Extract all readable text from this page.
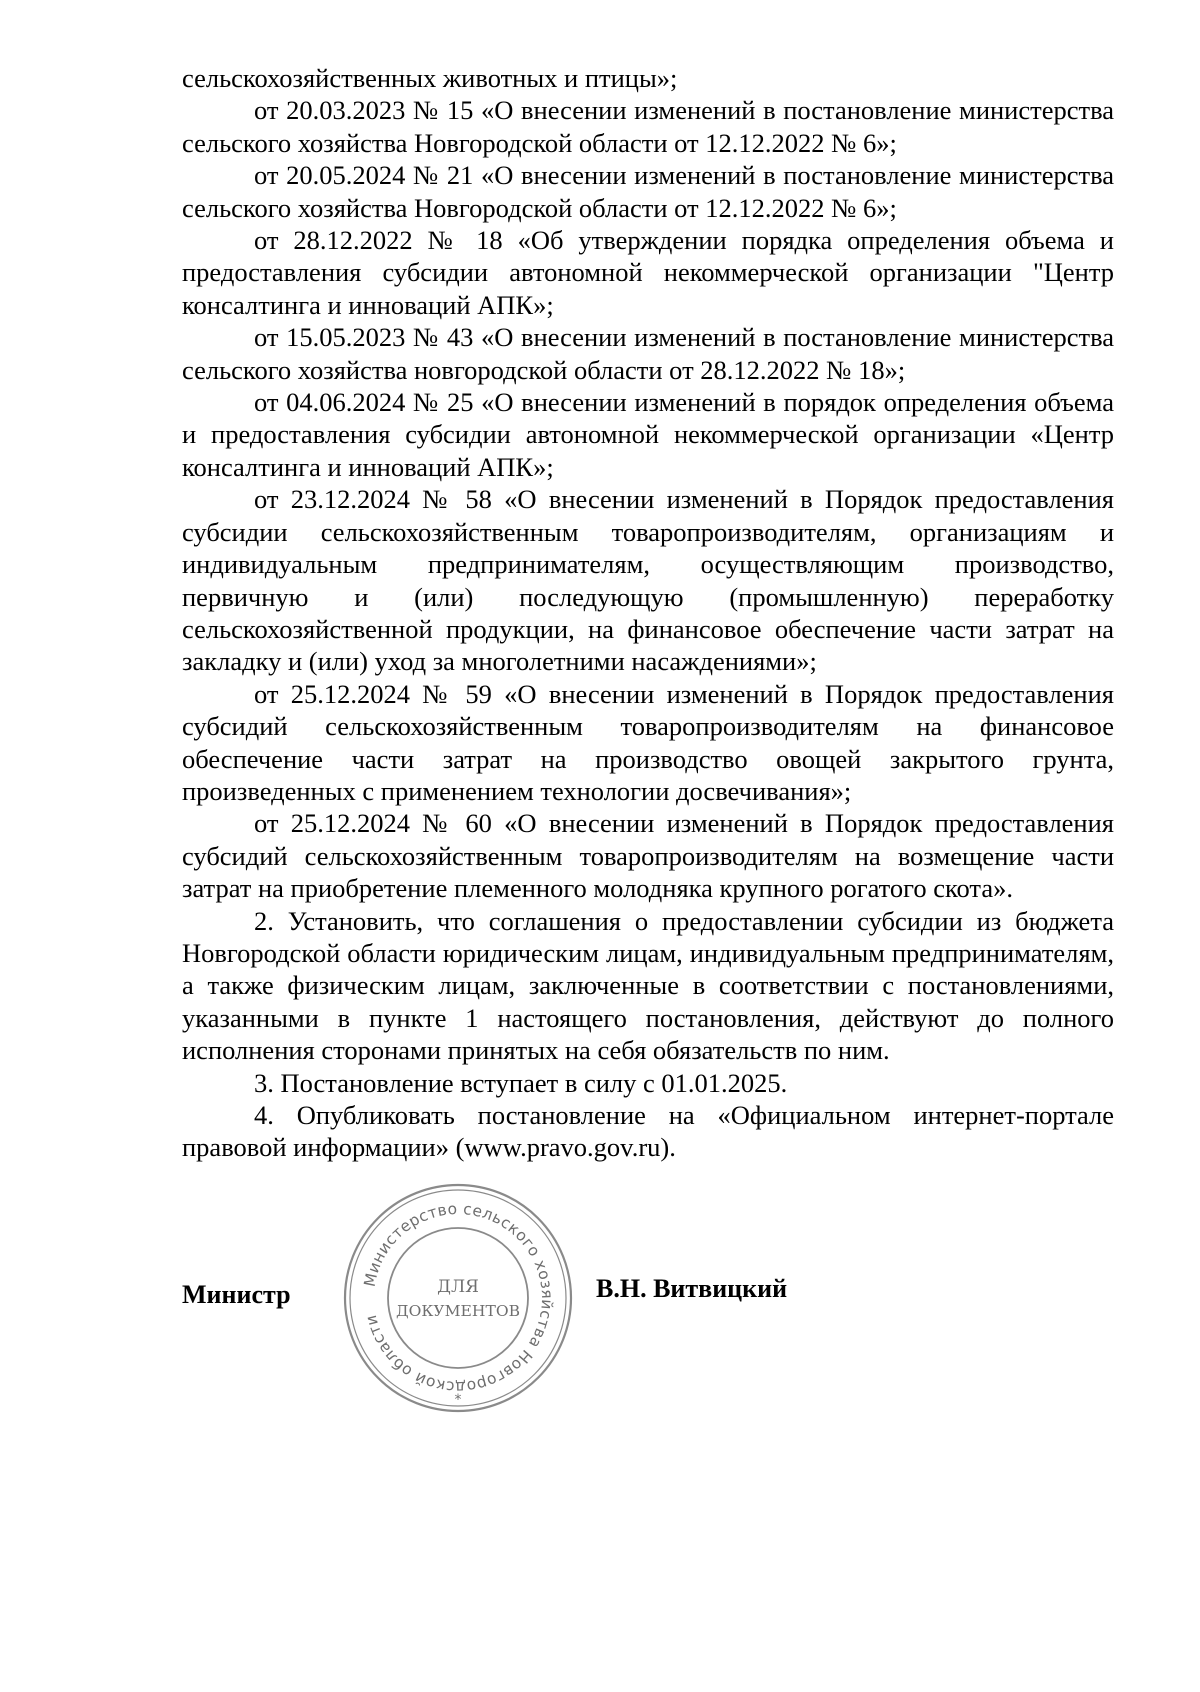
сельскохозяйственных животных и птицы»;

от 20.03.2023 № 15 «О внесении изменений в постановление министерства сельского хозяйства Новгородской области от 12.12.2022 № 6»;

от 20.05.2024 № 21 «О внесении изменений в постановление министерства сельского хозяйства Новгородской области от 12.12.2022 № 6»;

от 28.12.2022 № 18 «Об утверждении порядка определения объема и предоставления субсидии автономной некоммерческой организации "Центр консалтинга и инноваций АПК»;

от 15.05.2023 № 43 «О внесении изменений в постановление министерства сельского хозяйства новгородской области от 28.12.2022 № 18»;

от 04.06.2024 № 25 «О внесении изменений в порядок определения объема и предоставления субсидии автономной некоммерческой организации «Центр консалтинга и инноваций АПК»;

от 23.12.2024 № 58 «О внесении изменений в Порядок предоставления субсидии сельскохозяйственным товаропроизводителям, организациям и индивидуальным предпринимателям, осуществляющим производство, первичную и (или) последующую (промышленную) переработку сельскохозяйственной продукции, на финансовое обеспечение части затрат на закладку и (или) уход за многолетними насаждениями»;

от 25.12.2024 № 59 «О внесении изменений в Порядок предоставления субсидий сельскохозяйственным товаропроизводителям на финансовое обеспечение части затрат на производство овощей закрытого грунта, произведенных с применением технологии досвечивания»;

от 25.12.2024 № 60 «О внесении изменений в Порядок предоставления субсидий сельскохозяйственным товаропроизводителям на возмещение части затрат на приобретение племенного молодняка крупного рогатого скота».

2. Установить, что соглашения о предоставлении субсидии из бюджета Новгородской области юридическим лицам, индивидуальным предпринимателям, а также физическим лицам, заключенные в соответствии с постановлениями, указанными в пункте 1 настоящего постановления, действуют до полного исполнения сторонами принятых на себя обязательств по ним.

3. Постановление вступает в силу с 01.01.2025.

4. Опубликовать постановление на «Официальном интернет-портале правовой информации» (www.pravo.gov.ru).

Министр
Министерство сельского хозяйства Новгородской области
ДЛЯ
ДОКУМЕНТОВ
*
В.Н. Витвицкий
